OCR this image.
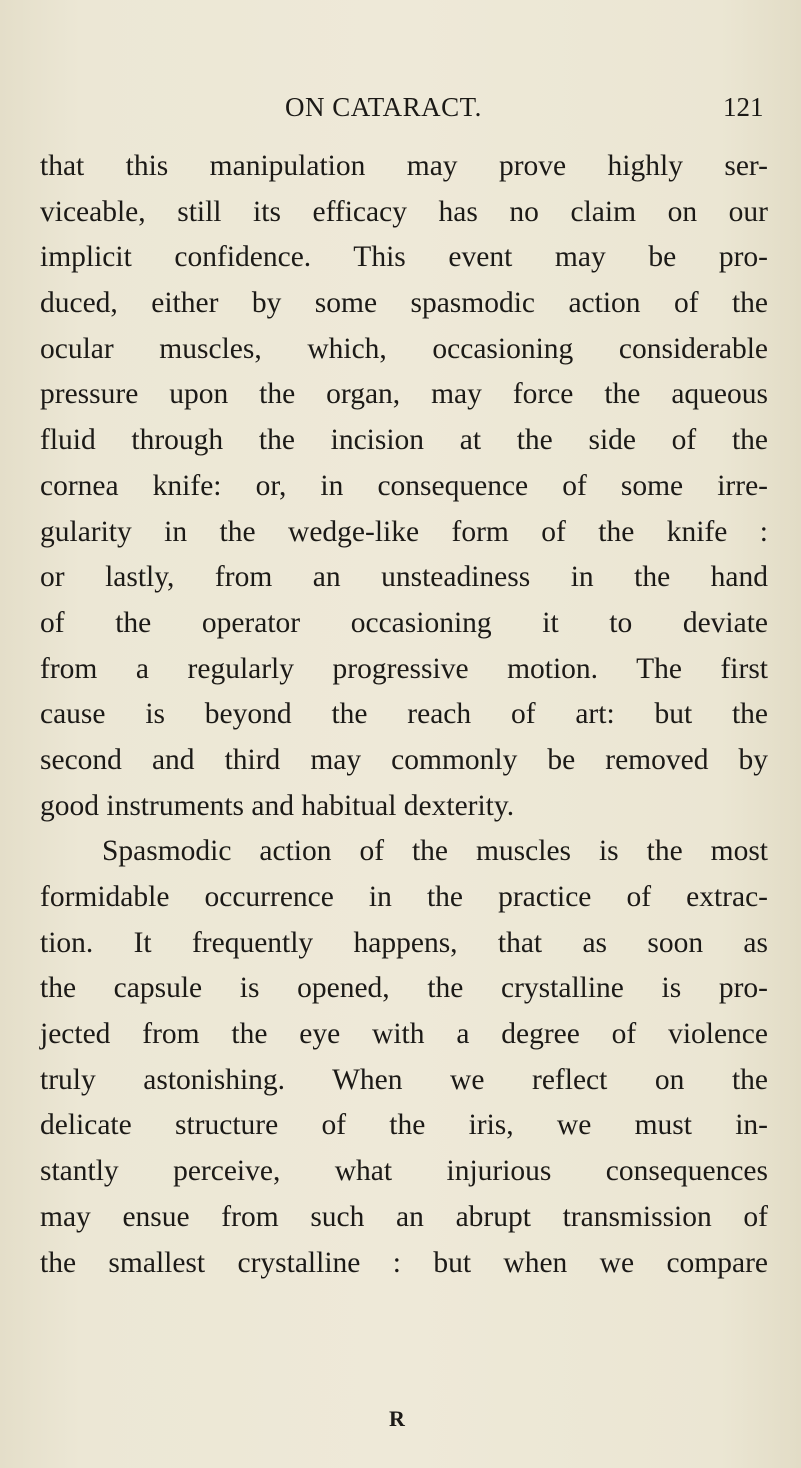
ON CATARACT.	121
that this manipulation may prove highly ser-
viceable, still its efficacy has no claim on our
implicit confidence. This event may be pro-
duced, either by some spasmodic action of the
ocular muscles, which, occasioning considerable
pressure upon the organ, may force the aqueous
fluid through the incision at the side of the
cornea knife: or, in consequence of some irre-
gularity in the wedge-like form of the knife :
or lastly, from an unsteadiness in the hand
of the operator occasioning it to deviate
from a regularly progressive motion. The first
cause is beyond the reach of art: but the
second and third may commonly be removed by
good instruments and habitual dexterity.
Spasmodic action of the muscles is the most
formidable occurrence in the practice of extrac-
tion. It frequently happens, that as soon as
the capsule is opened, the crystalline is pro-
jected from the eye with a degree of violence
truly astonishing. When we reflect on the
delicate structure of the iris, we must in-
stantly perceive, what injurious consequences
may ensue from such an abrupt transmission of
the smallest crystalline : but when we compare
R
